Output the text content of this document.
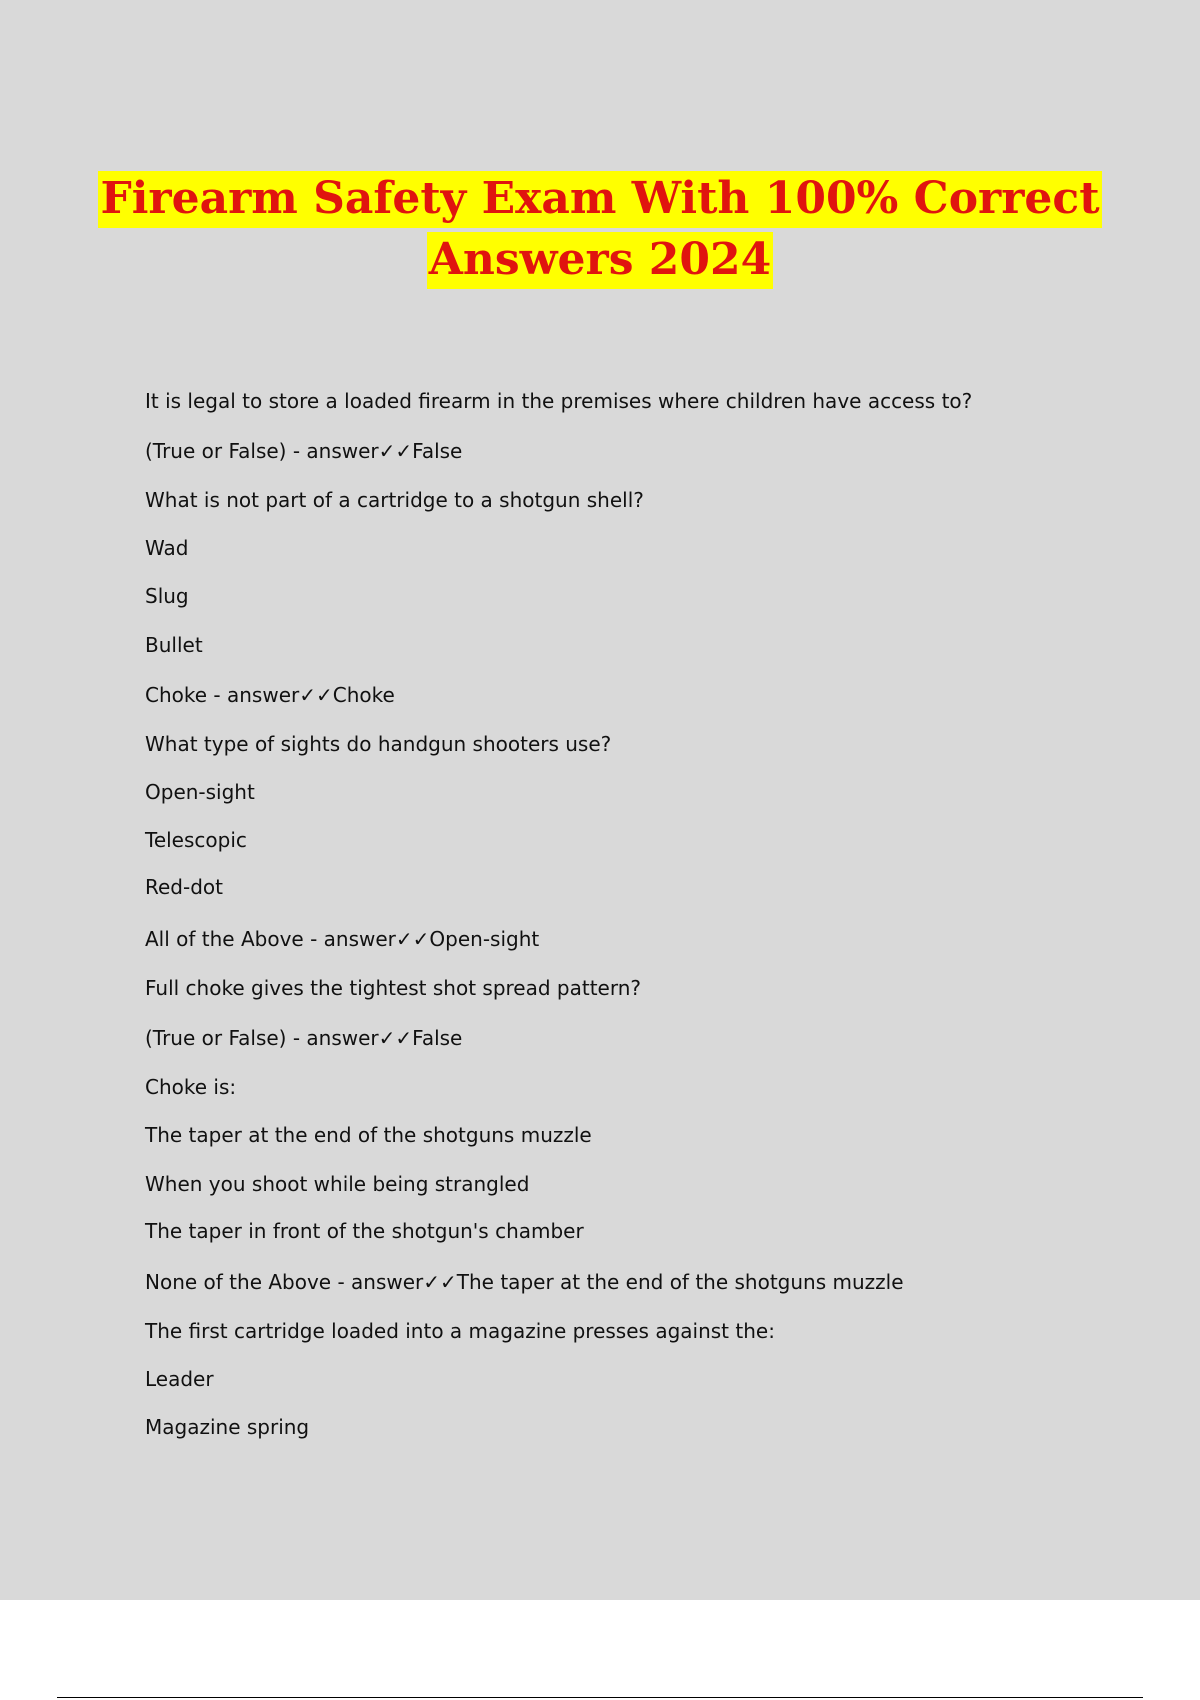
Firearm Safety Exam With 100% Correct
Answers 2024
It is legal to store a loaded firearm in the premises where children have access to?
(True or False) - answer✓✓False
What is not part of a cartridge to a shotgun shell?
Wad
Slug
Bullet
Choke - answer✓✓Choke
What type of sights do handgun shooters use?
Open-sight
Telescopic
Red-dot
All of the Above - answer✓✓Open-sight
Full choke gives the tightest shot spread pattern?
(True or False) - answer✓✓False
Choke is:
The taper at the end of the shotguns muzzle
When you shoot while being strangled
The taper in front of the shotgun's chamber
None of the Above - answer✓✓The taper at the end of the shotguns muzzle
The first cartridge loaded into a magazine presses against the:
Leader
Magazine spring
